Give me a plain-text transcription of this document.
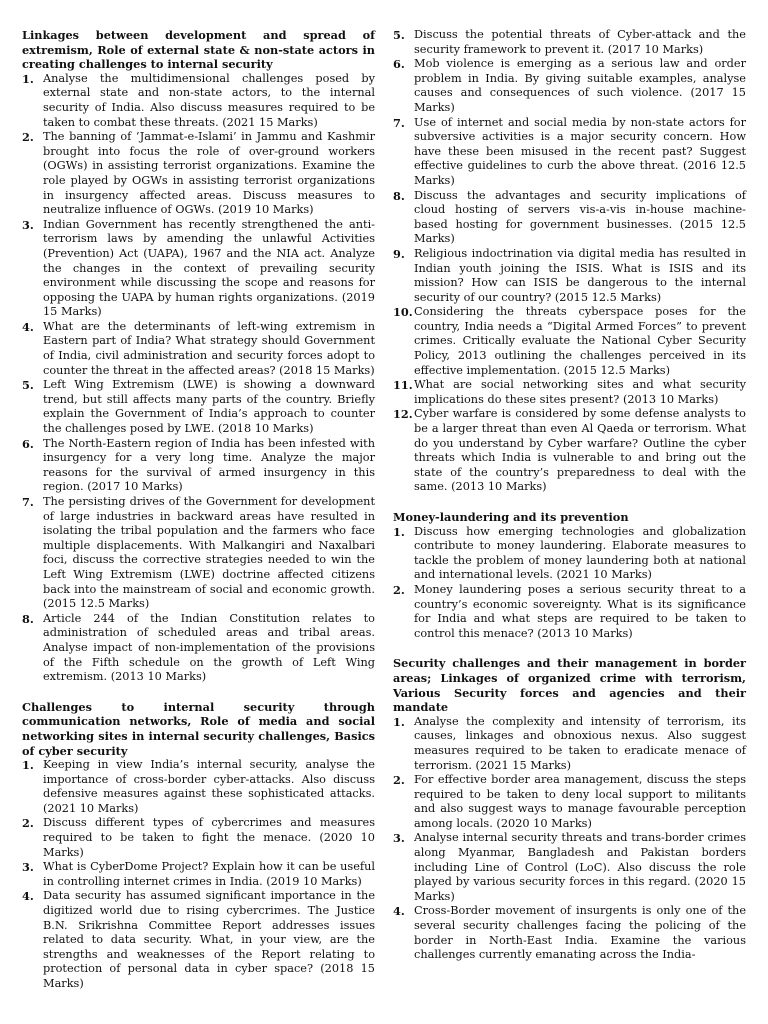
Linkages between development and spread of extremism, Role of external state & non-state actors in creating challenges to internal security
1. Analyse the multidimensional challenges posed by external state and non-state actors, to the internal security of India. Also discuss measures required to be taken to combat these threats. (2021 15 Marks)
2. The banning of ‘Jammat-e-Islami’ in Jammu and Kashmir brought into focus the role of over-ground workers (OGWs) in assisting terrorist organizations. Examine the role played by OGWs in assisting terrorist organizations in insurgency affected areas. Discuss measures to neutralize influence of OGWs. (2019 10 Marks)
3. Indian Government has recently strengthened the anti-terrorism laws by amending the unlawful Activities (Prevention) Act (UAPA), 1967 and the NIA act. Analyze the changes in the context of prevailing security environment while discussing the scope and reasons for opposing the UAPA by human rights organizations. (2019 15 Marks)
4. What are the determinants of left-wing extremism in Eastern part of India? What strategy should Government of India, civil administration and security forces adopt to counter the threat in the affected areas? (2018 15 Marks)
5. Left Wing Extremism (LWE) is showing a downward trend, but still affects many parts of the country. Briefly explain the Government of India’s approach to counter the challenges posed by LWE. (2018 10 Marks)
6. The North-Eastern region of India has been infested with insurgency for a very long time. Analyze the major reasons for the survival of armed insurgency in this region. (2017 10 Marks)
7. The persisting drives of the Government for development of large industries in backward areas have resulted in isolating the tribal population and the farmers who face multiple displacements. With Malkangiri and Naxalbari foci, discuss the corrective strategies needed to win the Left Wing Extremism (LWE) doctrine affected citizens back into the mainstream of social and economic growth. (2015 12.5 Marks)
8. Article 244 of the Indian Constitution relates to administration of scheduled areas and tribal areas. Analyse impact of non-implementation of the provisions of the Fifth schedule on the growth of Left Wing extremism. (2013 10 Marks)
Challenges to internal security through communication networks, Role of media and social networking sites in internal security challenges, Basics of cyber security
1. Keeping in view India’s internal security, analyse the importance of cross-border cyber-attacks. Also discuss defensive measures against these sophisticated attacks. (2021 10 Marks)
2. Discuss different types of cybercrimes and measures required to be taken to fight the menace. (2020 10 Marks)
3. What is CyberDome Project? Explain how it can be useful in controlling internet crimes in India. (2019 10 Marks)
4. Data security has assumed significant importance in the digitized world due to rising cybercrimes. The Justice B.N. Srikrishna Committee Report addresses issues related to data security. What, in your view, are the strengths and weaknesses of the Report relating to protection of personal data in cyber space? (2018 15 Marks)
5. Discuss the potential threats of Cyber-attack and the security framework to prevent it. (2017 10 Marks)
6. Mob violence is emerging as a serious law and order problem in India. By giving suitable examples, analyse causes and consequences of such violence. (2017 15 Marks)
7. Use of internet and social media by non-state actors for subversive activities is a major security concern. How have these been misused in the recent past? Suggest effective guidelines to curb the above threat. (2016 12.5 Marks)
8. Discuss the advantages and security implications of cloud hosting of servers vis-a-vis in-house machine- based hosting for government businesses. (2015 12.5 Marks)
9. Religious indoctrination via digital media has resulted in Indian youth joining the ISIS. What is ISIS and its mission? How can ISIS be dangerous to the internal security of our country? (2015 12.5 Marks)
10. Considering the threats cyberspace poses for the country, India needs a “Digital Armed Forces” to prevent crimes. Critically evaluate the National Cyber Security Policy, 2013 outlining the challenges perceived in its effective implementation. (2015 12.5 Marks)
11. What are social networking sites and what security implications do these sites present? (2013 10 Marks)
12. Cyber warfare is considered by some defense analysts to be a larger threat than even Al Qaeda or terrorism. What do you understand by Cyber warfare? Outline the cyber threats which India is vulnerable to and bring out the state of the country’s preparedness to deal with the same. (2013 10 Marks)
Money-laundering and its prevention
1. Discuss how emerging technologies and globalization contribute to money laundering. Elaborate measures to tackle the problem of money laundering both at national and international levels. (2021 10 Marks)
2. Money laundering poses a serious security threat to a country’s economic sovereignty. What is its significance for India and what steps are required to be taken to control this menace? (2013 10 Marks)
Security challenges and their management in border areas; Linkages of organized crime with terrorism, Various Security forces and agencies and their mandate
1. Analyse the complexity and intensity of terrorism, its causes, linkages and obnoxious nexus. Also suggest measures required to be taken to eradicate menace of terrorism. (2021 15 Marks)
2. For effective border area management, discuss the steps required to be taken to deny local support to militants and also suggest ways to manage favourable perception among locals. (2020 10 Marks)
3. Analyse internal security threats and trans-border crimes along Myanmar, Bangladesh and Pakistan borders including Line of Control (LoC). Also discuss the role played by various security forces in this regard. (2020 15 Marks)
4. Cross-Border movement of insurgents is only one of the several security challenges facing the policing of the border in North-East India. Examine the various challenges currently emanating across the India-
